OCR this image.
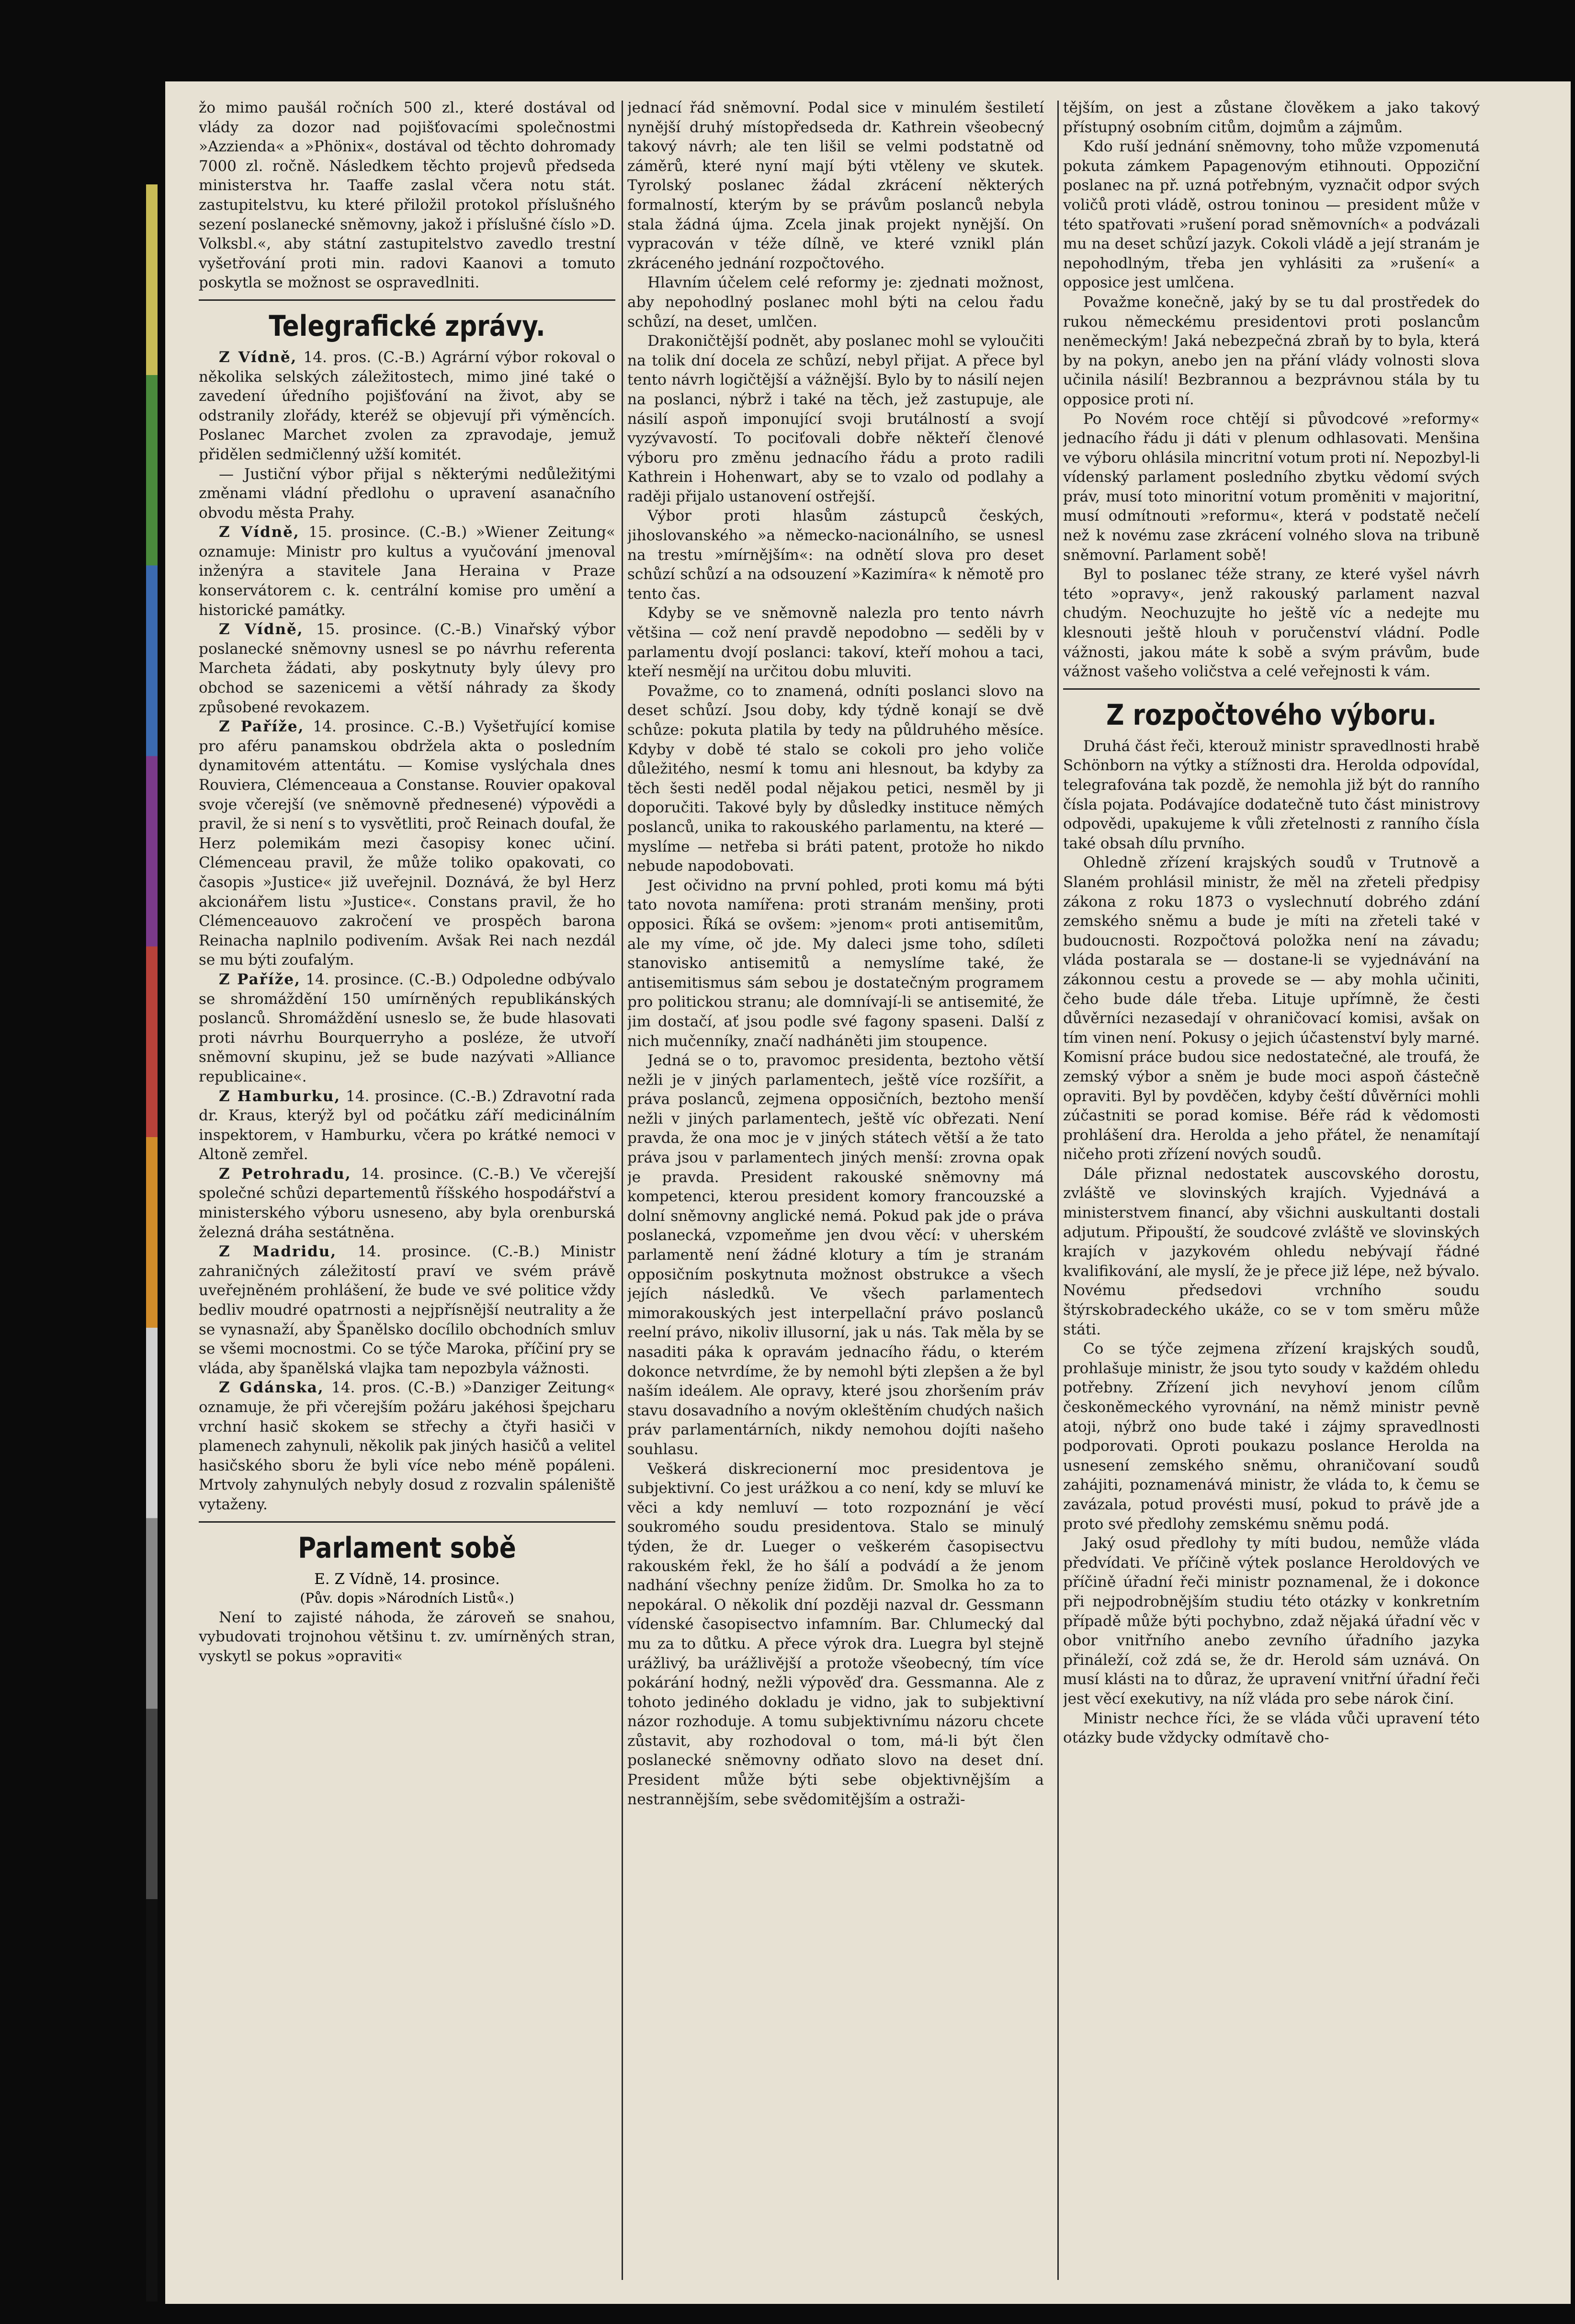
žo mimo paušál ročních 500 zl., které dostával od vlády za dozor nad pojišťovacími společnostmi »Azzienda« a »Phönix«, dostával od těchto dohromady 7000 zl. ročně. Následkem těchto projevů předseda ministerstva hr. Taaffe zaslal včera notu stát. zastupitelstvu, ku které přiložil protokol příslušného sezení poslanecké sněmovny, jakož i příslušné číslo »D. Volksbl.«, aby státní zastupitelstvo zavedlo trestní vyšetřování proti min. radovi Kaanovi a tomuto poskytla se možnost se ospravedlniti.

Telegrafické zprávy.

Z Vídně, 14. pros. (C.-B.) Agrární výbor rokoval o několika selských záležitostech, mimo jiné také o zavedení úředního pojišťování na život, aby se odstranily zlořády, kteréž se objevují při výměncích. Poslanec Marchet zvolen za zpravodaje, jemuž přidělen sedmičlenný užší komitét.

— Justiční výbor přijal s některými nedůležitými změnami vládní předlohu o upravení asanačního obvodu města Prahy.

Z Vídně, 15. prosince. (C.-B.) »Wiener Zeitung« oznamuje: Ministr pro kultus a vyučování jmenoval inženýra a stavitele Jana Heraina v Praze konservátorem c. k. centrální komise pro umění a historické památky.

Z Vídně, 15. prosince. (C.-B.) Vinařský výbor poslanecké sněmovny usnesl se po návrhu referenta Marcheta žádati, aby poskytnuty byly úlevy pro obchod se sazenicemi a větší náhrady za škody způsobené revokazem.

Z Paříže, 14. prosince. C.-B.) Vyšetřující komise pro aféru panamskou obdržela akta o posledním dynamitovém attentátu. — Komise vyslýchala dnes Rouviera, Clémenceaua a Constanse. Rouvier opakoval svoje včerejší (ve sněmovně přednesené) výpovědi a pravil, že si není s to vysvětliti, proč Reinach doufal, že Herz polemikám mezi časopisy konec učiní. Clémenceau pravil, že může toliko opakovati, co časopis »Justice« již uveřejnil. Doznává, že byl Herz akcionářem listu »Justice«. Constans pravil, že ho Clémenceauovo zakročení ve prospěch barona Reinacha naplnilo podivením. Avšak Rei nach nezdál se mu býti zoufalým.

Z Paříže, 14. prosince. (C.-B.) Odpoledne odbývalo se shromáždění 150 umírněných republikánských poslanců. Shromáždění usneslo se, že bude hlasovati proti návrhu Bourquerryho a posléze, že utvoří sněmovní skupinu, jež se bude nazývati »Alliance republicaine«.

Z Hamburku, 14. prosince. (C.-B.) Zdravotní rada dr. Kraus, kterýž byl od počátku září medicinálním inspektorem, v Hamburku, včera po krátké nemoci v Altoně zemřel.

Z Petrohradu, 14. prosince. (C.-B.) Ve včerejší společné schůzi departementů říšského hospodářství a ministerského výboru usneseno, aby byla orenburská železná dráha sestátněna.

Z Madridu, 14. prosince. (C.-B.) Ministr zahraničných záležitostí praví ve svém právě uveřejněném prohlášení, že bude ve své politice vždy bedliv moudré opatrnosti a nejpřísnější neutrality a že se vynasnaží, aby Španělsko docílilo obchodních smluv se všemi mocnostmi. Co se týče Maroka, příčiní pry se vláda, aby španělská vlajka tam nepozbyla vážnosti.

Z Gdánska, 14. pros. (C.-B.) »Danziger Zeitung« oznamuje, že při včerejším požáru jakéhosi špejcharu vrchní hasič skokem se střechy a čtyři hasiči v plamenech zahynuli, několik pak jiných hasičů a velitel hasičského sboru že byli více nebo méně popáleni. Mrtvoly zahynulých nebyly dosud z rozvalin spáleniště vytaženy.

Parlament sobě
E. Z Vídně, 14. prosince.
(Pův. dopis »Národních Listů«.)

Není to zajisté náhoda, že zároveň se snahou, vybudovati trojnohou většinu t. zv. umírněných stran, vyskytl se pokus »opraviti«

jednací řád sněmovní. Podal sice v minulém šestiletí nynější druhý místopředseda dr. Kathrein všeobecný takový návrh; ale ten lišil se velmi podstatně od záměrů, které nyní mají býti vtěleny ve skutek. Tyrolský poslanec žádal zkrácení některých formalností, kterým by se právům poslanců nebyla stala žádná újma. Zcela jinak projekt nynější. On vypracován v téže dílně, ve které vznikl plán zkráceného jednání rozpočtového.

Hlavním účelem celé reformy je: zjednati možnost, aby nepohodlný poslanec mohl býti na celou řadu schůzí, na deset, umlčen.

Drakoničtější podnět, aby poslanec mohl se vyloučiti na tolik dní docela ze schůzí, nebyl přijat. A přece byl tento návrh logičtější a vážnější. Bylo by to násilí nejen na poslanci, nýbrž i také na těch, jež zastupuje, ale násilí aspoň imponující svoji brutálností a svojí vyzývavostí. To pociťovali dobře někteří členové výboru pro změnu jednacího řádu a proto radili Kathrein i Hohenwart, aby se to vzalo od podlahy a raději přijalo ustanovení ostřejší.

Výbor proti hlasům zástupců českých, jihoslovanského »a německo-nacionálního, se usnesl na trestu »mírnějším«: na odnětí slova pro deset schůzí schůzí a na odsouzení »Kazimíra« k němotě pro tento čas.

Kdyby se ve sněmovně nalezla pro tento návrh většina — což není pravdě nepodobno — seděli by v parlamentu dvojí poslanci: takoví, kteří mohou a taci, kteří nesmějí na určitou dobu mluviti.

Považme, co to znamená, odníti poslanci slovo na deset schůzí. Jsou doby, kdy týdně konají se dvě schůze: pokuta platila by tedy na půldruhého měsíce. Kdyby v době té stalo se cokoli pro jeho voliče důležitého, nesmí k tomu ani hlesnout, ba kdyby za těch šesti neděl podal nějakou petici, nesměl by ji doporučiti. Takové byly by důsledky instituce němých poslanců, unika to rakouského parlamentu, na které — myslíme — netřeba si bráti patent, protože ho nikdo nebude napodobovati.

Jest očividno na první pohled, proti komu má býti tato novota namířena: proti stranám menšiny, proti opposici. Říká se ovšem: »jenom« proti antisemitům, ale my víme, oč jde. My daleci jsme toho, sdíleti stanovisko antisemitů a nemyslíme také, že antisemitismus sám sebou je dostatečným programem pro politickou stranu; ale domnívají-li se antisemité, že jim dostačí, ať jsou podle své fagony spaseni. Další z nich mučenníky, značí nadháněti jim stoupence.

Jedná se o to, pravomoc presidenta, beztoho větší nežli je v jiných parlamentech, ještě více rozšířit, a práva poslanců, zejmena opposičních, beztoho menší nežli v jiných parlamentech, ještě víc obřezati. Není pravda, že ona moc je v jiných státech větší a že tato práva jsou v parlamentech jiných menší: zrovna opak je pravda. President rakouské sněmovny má kompetenci, kterou president komory francouzské a dolní sněmovny anglické nemá. Pokud pak jde o práva poslanecká, vzpomeňme jen dvou věcí: v uherském parlamentě není žádné klotury a tím je stranám opposičním poskytnuta možnost obstrukce a všech jejích následků. Ve všech parlamentech mimorakouských jest interpellační právo poslanců reelní právo, nikoliv illusorní, jak u nás. Tak měla by se nasaditi páka k opravám jednacího řádu, o kterém dokonce netvrdíme, že by nemohl býti zlepšen a že byl naším ideálem. Ale opravy, které jsou zhoršením práv stavu dosavadního a novým okleštěním chudých našich práv parlamentárních, nikdy nemohou dojíti našeho souhlasu.

Veškerá diskrecionerní moc presidentova je subjektivní. Co jest urážkou a co není, kdy se mluví ke věci a kdy nemluví — toto rozpoznání je věcí soukromého soudu presidentova. Stalo se minulý týden, že dr. Lueger o veškerém časopisectvu rakouském řekl, že ho šálí a podvádí a že jenom nadhání všechny peníze židům. Dr. Smolka ho za to nepokáral. O několik dní později nazval dr. Gessmann vídenské časopisectvo infamním. Bar. Chlumecký dal mu za to důtku. A přece výrok dra. Luegra byl stejně urážlivý, ba urážlivější a protože všeobecný, tím více pokárání hodný, nežli výpověď dra. Gessmanna. Ale z tohoto jediného dokladu je vidno, jak to subjektivní názor rozhoduje. A tomu subjektivnímu názoru chcete zůstavit, aby rozhodoval o tom, má-li být člen poslanecké sněmovny odňato slovo na deset dní. President může býti sebe objektivnějším a nestrannějším, sebe svědomitějším a ostraži-

tějším, on jest a zůstane člověkem a jako takový přístupný osobním citům, dojmům a zájmům.

Kdo ruší jednání sněmovny, toho může vzpomenutá pokuta zámkem Papagenovým etihnouti. Oppoziční poslanec na př. uzná potřebným, vyznačit odpor svých voličů proti vládě, ostrou toninou — president může v této spatřovati »rušení porad sněmovních« a podvázali mu na deset schůzí jazyk. Cokoli vládě a její stranám je nepohodlným, třeba jen vyhlásiti za »rušení« a opposice jest umlčena.

Považme konečně, jaký by se tu dal prostředek do rukou německému presidentovi proti poslancům neněmeckým! Jaká nebezpečná zbraň by to byla, která by na pokyn, anebo jen na přání vlády volnosti slova učinila násilí! Bezbrannou a bezprávnou stála by tu opposice proti ní.

Po Novém roce chtějí si původcové »reformy« jednacího řádu ji dáti v plenum odhlasovati. Menšina ve výboru ohlásila mincritní votum proti ní. Nepozbyl-li vídenský parlament posledního zbytku vědomí svých práv, musí toto minoritní votum proměniti v majoritní, musí odmítnouti »reformu«, která v podstatě nečelí než k novému zase zkrácení volného slova na tribuně sněmovní. Parlament sobě!

Byl to poslanec téže strany, ze které vyšel návrh této »opravy«, jenž rakouský parlament nazval chudým. Neochuzujte ho ještě víc a nedejte mu klesnouti ještě hlouh v poručenství vládní. Podle vážnosti, jakou máte k sobě a svým právům, bude vážnost vašeho voličstva a celé veřejnosti k vám.

Z rozpočtového výboru.

Druhá část řeči, kterouž ministr spravedlnosti hrabě Schönborn na výtky a stížnosti dra. Herolda odpovídal, telegrafována tak pozdě, že nemohla již být do ranního čísla pojata. Podávajíce dodatečně tuto část ministrovy odpovědi, upakujeme k vůli zřetelnosti z ranního čísla také obsah dílu prvního.

Ohledně zřízení krajských soudů v Trutnově a Slaném prohlásil ministr, že měl na zřeteli předpisy zákona z roku 1873 o vyslechnutí dobrého zdání zemského sněmu a bude je míti na zřeteli také v budoucnosti. Rozpočtová položka není na závadu; vláda postarala se — dostane-li se vyjednávání na zákonnou cestu a provede se — aby mohla učiniti, čeho bude dále třeba. Lituje upřímně, že česti důvěrníci nezasedají v ohraničovací komisi, avšak on tím vinen není. Pokusy o jejich účastenství byly marné. Komisní práce budou sice nedostatečné, ale troufá, že zemský výbor a sněm je bude moci aspoň částečně opraviti. Byl by povděčen, kdyby čeští důvěrníci mohli zúčastniti se porad komise. Béře rád k vědomosti prohlášení dra. Herolda a jeho přátel, že nenamítají ničeho proti zřízení nových soudů.

Dále přiznal nedostatek auscovského dorostu, zvláště ve slovinských krajích. Vyjednává a ministerstvem financí, aby všichni auskultanti dostali adjutum. Připouští, že soudcové zvláště ve slovinských krajích v jazykovém ohledu nebývají řádné kvalifikování, ale myslí, že je přece již lépe, než bývalo. Novému předsedovi vrchního soudu štýrskobradeckého ukáže, co se v tom směru může státi.

Co se týče zejmena zřízení krajských soudů, prohlašuje ministr, že jsou tyto soudy v každém ohledu potřebny. Zřízení jich nevyhoví jenom cílům českoněmeckého vyrovnání, na němž ministr pevně atoji, nýbrž ono bude také i zájmy spravedlnosti podporovati. Oproti poukazu poslance Herolda na usnesení zemského sněmu, ohraničovaní soudů zahájiti, poznamenává ministr, že vláda to, k čemu se zavázala, potud provésti musí, pokud to právě jde a proto své předlohy zemskému sněmu podá.

Jaký osud předlohy ty míti budou, nemůže vláda předvídati. Ve příčině výtek poslance Heroldových ve příčině úřadní řeči ministr poznamenal, že i dokonce při nejpodrobnějším studiu této otázky v konkretním případě může býti pochybno, zdaž nějaká úřadní věc v obor vnitřního anebo zevního úřadního jazyka přináleží, což zdá se, že dr. Herold sám uznává. On musí klásti na to důraz, že upravení vnitřní úřadní řeči jest věcí exekutivy, na níž vláda pro sebe nárok činí.

Ministr nechce říci, že se vláda vůči upravení této otázky bude vždycky odmítavě cho-
